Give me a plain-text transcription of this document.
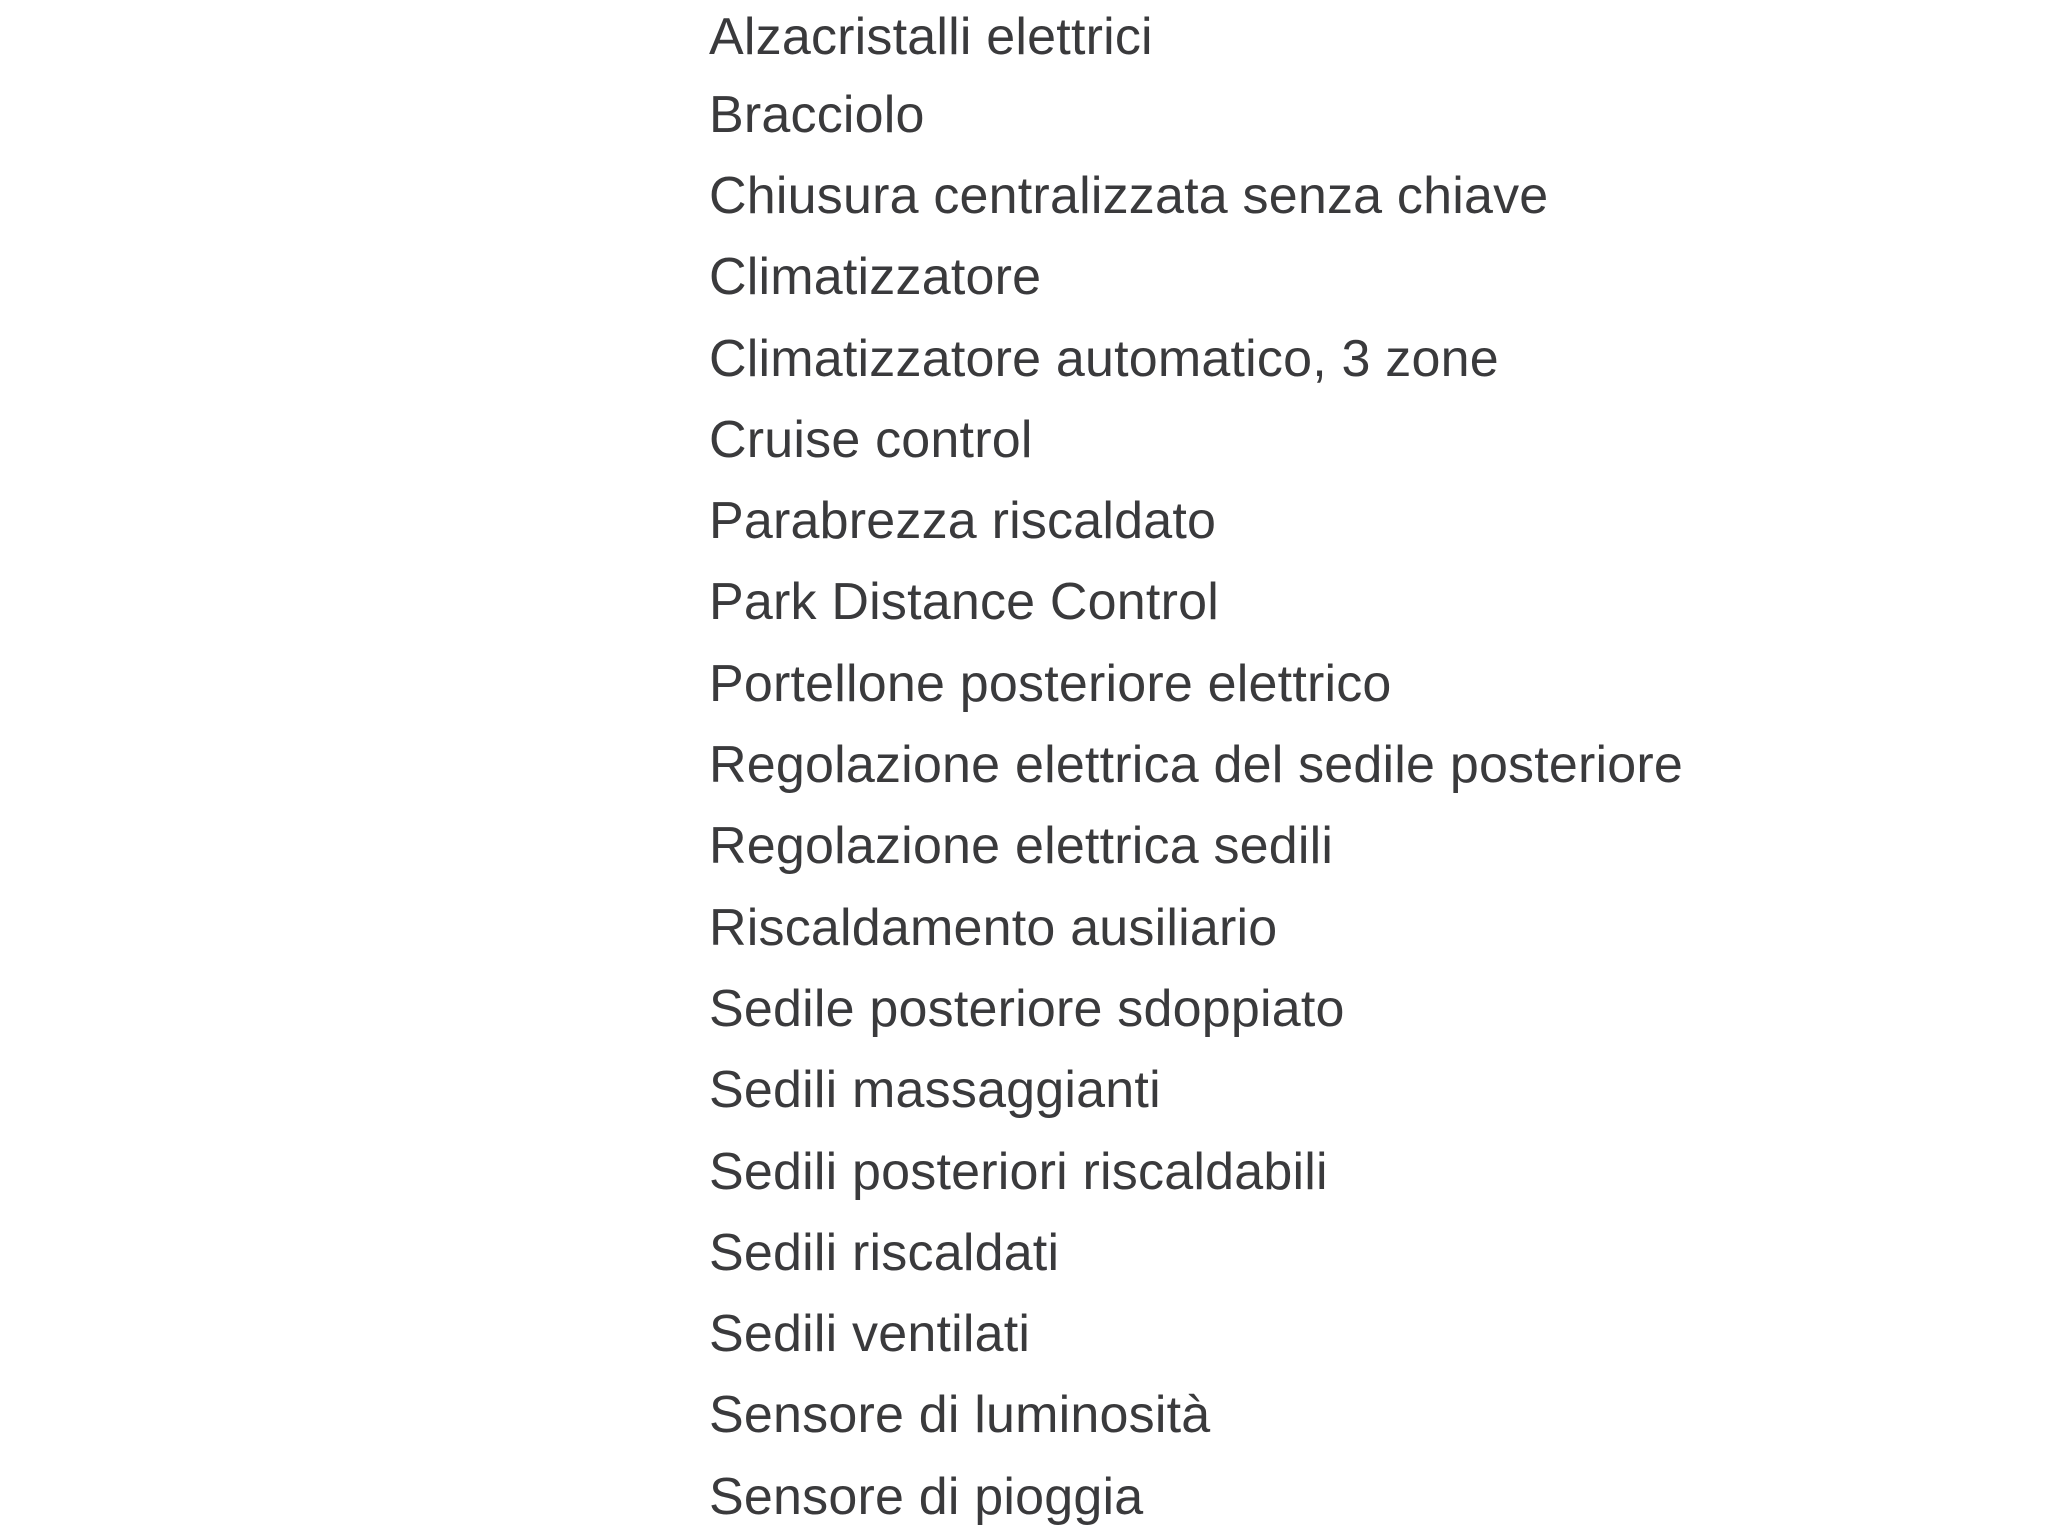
Alzacristalli elettrici
Bracciolo
Chiusura centralizzata senza chiave
Climatizzatore
Climatizzatore automatico, 3 zone
Cruise control
Parabrezza riscaldato
Park Distance Control
Portellone posteriore elettrico
Regolazione elettrica del sedile posteriore
Regolazione elettrica sedili
Riscaldamento ausiliario
Sedile posteriore sdoppiato
Sedili massaggianti
Sedili posteriori riscaldabili
Sedili riscaldati
Sedili ventilati
Sensore di luminosità
Sensore di pioggia
